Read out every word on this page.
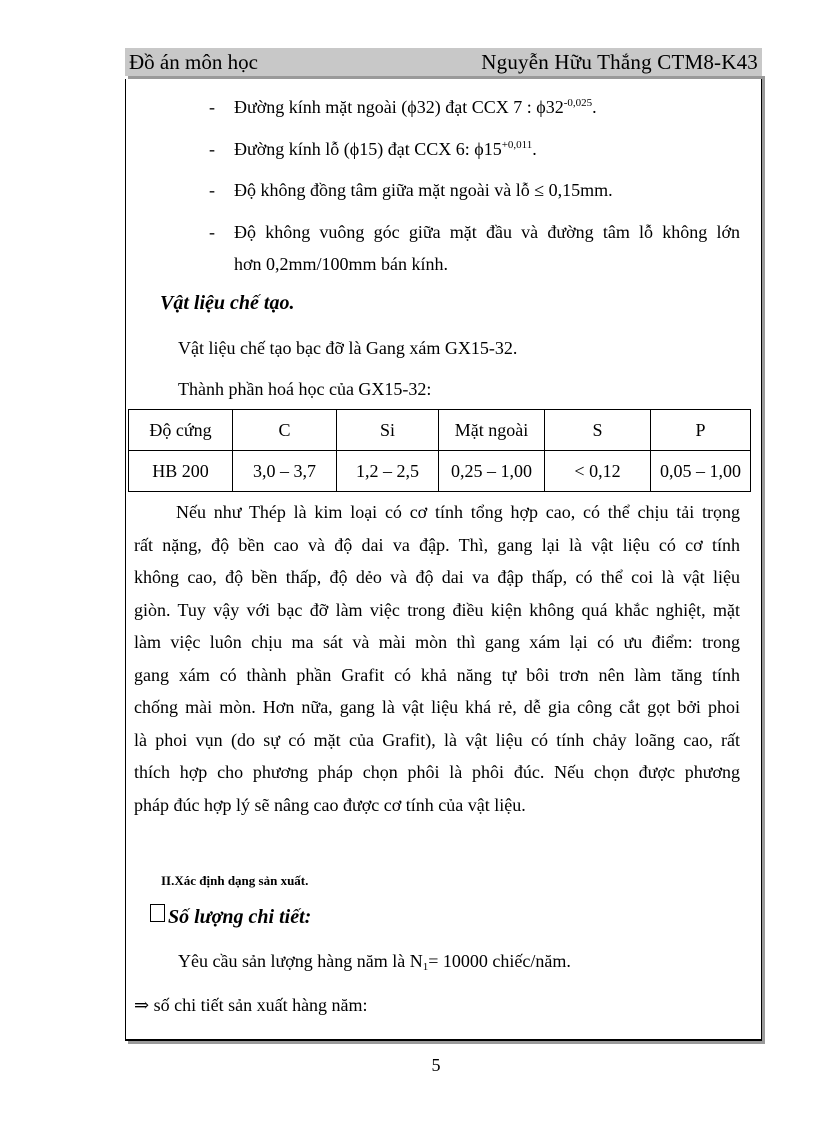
Đồ án môn học	Nguyễn Hữu Thắng CTM8-K43
- Đường kính mặt ngoài (ϕ32) đạt CCX 7 : $\phi 32^{-0,025}$.
- Đường kính lỗ (ϕ15) đạt CCX 6: $\phi 15^{+0,011}$.
- Độ không đồng tâm giữa mặt ngoài và lỗ ≤ 0,15mm.
- Độ không vuông góc giữa mặt đầu và đường tâm lỗ không lớn
hơn 0,2mm/100mm bán kính.
Vật liệu chế tạo.
Vật liệu chế tạo bạc đỡ là Gang xám GX15-32.
Thành phần hoá học của GX15-32:
Độ cứng	C	Si	Mặt ngoài	S	P
HB 200	3,0 – 3,7	1,2 – 2,5	0,25 – 1,00	< 0,12	0,05 – 1,00
Nếu như Thép là kim loại có cơ tính tổng hợp cao, có thể chịu tải trọng
rất nặng, độ bền cao và độ dai va đập. Thì, gang lại là vật liệu có cơ tính
không cao, độ bền thấp, độ dẻo và độ dai va đập thấp, có thể coi là vật liệu
giòn. Tuy vậy với bạc đỡ làm việc trong điều kiện không quá khắc nghiệt, mặt
làm việc luôn chịu ma sát và mài mòn thì gang xám lại có ưu điểm: trong
gang xám có thành phần Grafit có khả năng tự bôi trơn nên làm tăng tính
chống mài mòn. Hơn nữa, gang là vật liệu khá rẻ, dễ gia công cắt gọt bởi phoi
là phoi vụn (do sự có mặt của Grafit), là vật liệu có tính chảy loãng cao, rất
thích hợp cho phương pháp chọn phôi là phôi đúc. Nếu chọn được phương
pháp đúc hợp lý sẽ nâng cao được cơ tính của vật liệu.
II.Xác định dạng sản xuất.
Số lượng chi tiết:
Yêu cầu sản lượng hàng năm là $N_1= 10000$ chiếc/năm.
⇒ số chi tiết sản xuất hàng năm:
5
